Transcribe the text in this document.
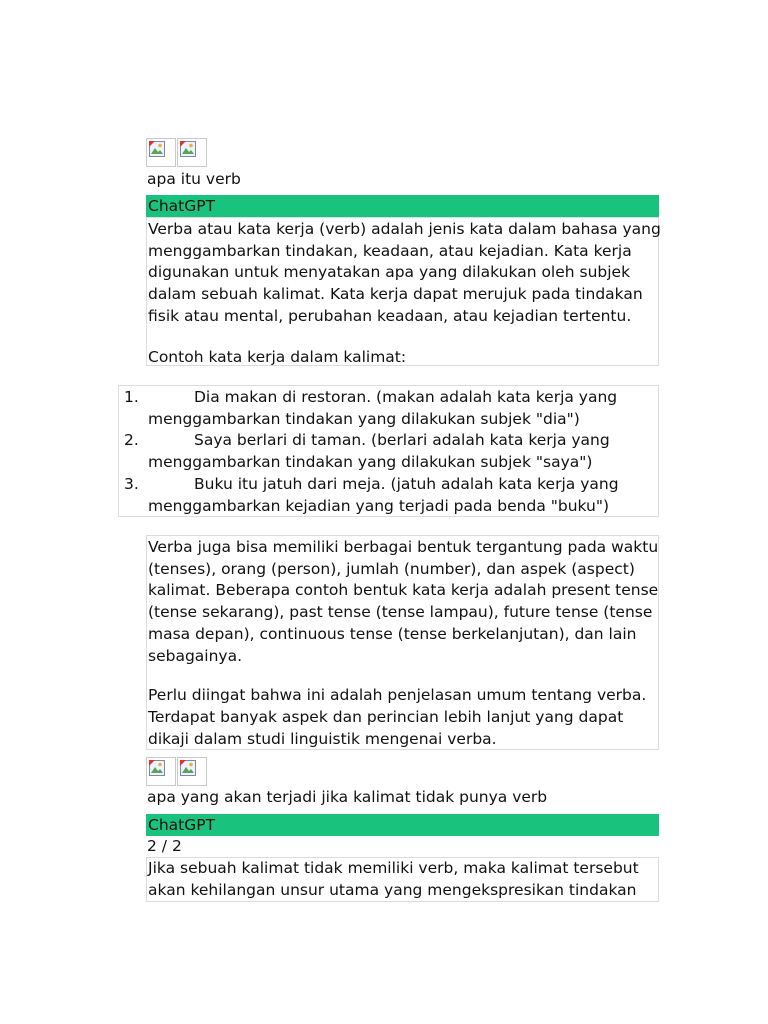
apa itu verb
ChatGPT
Verba atau kata kerja (verb) adalah jenis kata dalam bahasa yang
menggambarkan tindakan, keadaan, atau kejadian. Kata kerja
digunakan untuk menyatakan apa yang dilakukan oleh subjek
dalam sebuah kalimat. Kata kerja dapat merujuk pada tindakan
fisik atau mental, perubahan keadaan, atau kejadian tertentu.
Contoh kata kerja dalam kalimat:
1.	Dia makan di restoran. (makan adalah kata kerja yang
menggambarkan tindakan yang dilakukan subjek "dia")
2.	Saya berlari di taman. (berlari adalah kata kerja yang
menggambarkan tindakan yang dilakukan subjek "saya")
3.	Buku itu jatuh dari meja. (jatuh adalah kata kerja yang
menggambarkan kejadian yang terjadi pada benda "buku")
Verba juga bisa memiliki berbagai bentuk tergantung pada waktu
(tenses), orang (person), jumlah (number), dan aspek (aspect)
kalimat. Beberapa contoh bentuk kata kerja adalah present tense
(tense sekarang), past tense (tense lampau), future tense (tense
masa depan), continuous tense (tense berkelanjutan), dan lain
sebagainya.
Perlu diingat bahwa ini adalah penjelasan umum tentang verba.
Terdapat banyak aspek dan perincian lebih lanjut yang dapat
dikaji dalam studi linguistik mengenai verba.
apa yang akan terjadi jika kalimat tidak punya verb
ChatGPT
2 / 2
Jika sebuah kalimat tidak memiliki verb, maka kalimat tersebut
akan kehilangan unsur utama yang mengekspresikan tindakan
